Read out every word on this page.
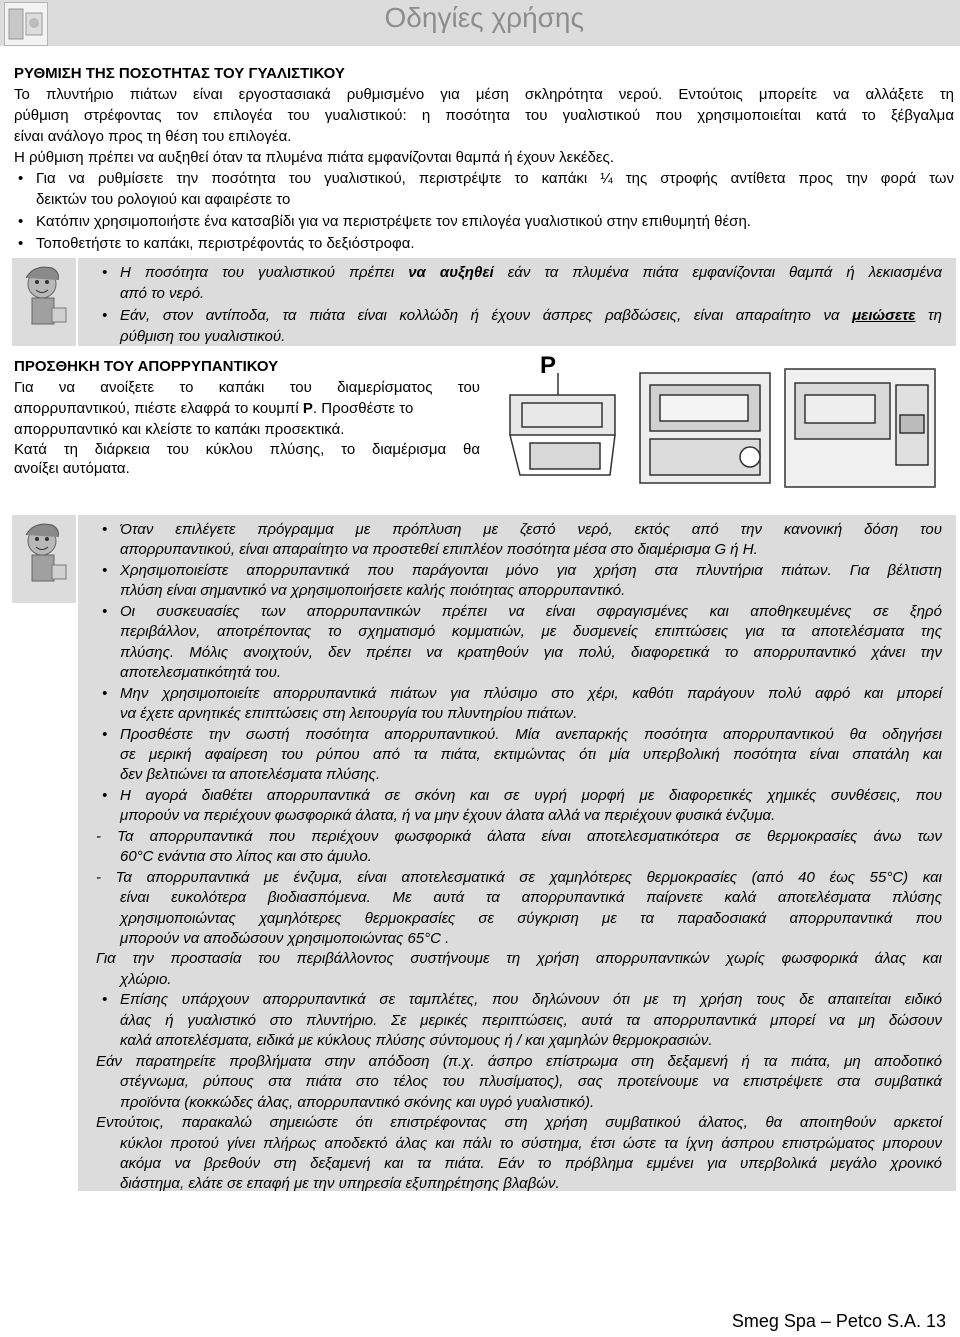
Οδηγίες χρήσης
ΡΥΘΜΙΣΗ ΤΗΣ ΠΟΣΟΤΗΤΑΣ ΤΟΥ ΓΥΑΛΙΣΤΙΚΟΥ
Το πλυντήριο πιάτων είναι εργοστασιακά ρυθμισμένο για μέση σκληρότητα νερού. Εντούτοις μπορείτε να αλλάξετε τη
ρύθμιση στρέφοντας τον επιλογέα του γυαλιστικού: η ποσότητα του γυαλιστικού που χρησιμοποιείται κατά το ξέβγαλμα
είναι ανάλογο προς τη θέση του επιλογέα.
Η ρύθμιση πρέπει να αυξηθεί όταν τα πλυμένα πιάτα εμφανίζονται θαμπά ή έχουν λεκέδες.
• Για να ρυθμίσετε την ποσότητα του γυαλιστικού, περιστρέψτε το καπάκι ¼ της στροφής αντίθετα προς την φορά των
δεικτών του ρολογιού και αφαιρέστε το
• Κατόπιν χρησιμοποιήστε ένα κατσαβίδι για να περιστρέψετε τον επιλογέα γυαλιστικού στην επιθυμητή θέση.
• Τοποθετήστε το καπάκι, περιστρέφοντάς το δεξιόστροφα.
• Η ποσότητα του γυαλιστικού πρέπει να αυξηθεί εάν τα πλυμένα πιάτα εμφανίζονται θαμπά ή λεκιασμένα
από το νερό.
• Εάν, στον αντίποδα, τα πιάτα είναι κολλώδη ή έχουν άσπρες ραβδώσεις, είναι απαραίτητο να μειώσετε τη
ρύθμιση του γυαλιστικού.
ΠΡΟΣΘΗΚΗ ΤΟΥ ΑΠΟΡΡΥΠΑΝΤΙΚΟΥ
Για να ανοίξετε το καπάκι του διαμερίσματος του
απορρυπαντικού, πιέστε ελαφρά το κουμπί P. Προσθέστε το
απορρυπαντικό και κλείστε το καπάκι προσεκτικά.
Κατά τη διάρκεια του κύκλου πλύσης, το διαμέρισμα θα
ανοίξει αυτόματα.
P
• Όταν επιλέγετε πρόγραμμα με πρόπλυση με ζεστό νερό, εκτός από την κανονική δόση του
απορρυπαντικού, είναι απαραίτητο να προστεθεί επιπλέον ποσότητα μέσα στο διαμέρισμα G ή H.
• Χρησιμοποιείστε απορρυπαντικά που παράγονται μόνο για χρήση στα πλυντήρια πιάτων. Για βέλτιστη
πλύση είναι σημαντικό να χρησιμοποιήσετε καλής ποιότητας απορρυπαντικό.
• Οι συσκευασίες των απορρυπαντικών πρέπει να είναι σφραγισμένες και αποθηκευμένες σε ξηρό
περιβάλλον, αποτρέποντας το σχηματισμό κομματιών, με δυσμενείς επιπτώσεις για τα αποτελέσματα της
πλύσης. Μόλις ανοιχτούν, δεν πρέπει να κρατηθούν για πολύ, διαφορετικά το απορρυπαντικό χάνει την
αποτελεσματικότητά του.
• Μην χρησιμοποιείτε απορρυπαντικά πιάτων για πλύσιμο στο χέρι, καθότι παράγουν πολύ αφρό και μπορεί
να έχετε αρνητικές επιπτώσεις στη λειτουργία του πλυντηρίου πιάτων.
• Προσθέστε την σωστή ποσότητα απορρυπαντικού. Μία ανεπαρκής ποσότητα απορρυπαντικού θα οδηγήσει
σε μερική αφαίρεση του ρύπου από τα πιάτα, εκτιμώντας ότι μία υπερβολική ποσότητα είναι σπατάλη και
δεν βελτιώνει τα αποτελέσματα πλύσης.
• Η αγορά διαθέτει απορρυπαντικά σε σκόνη και σε υγρή μορφή με διαφορετικές χημικές συνθέσεις, που
μπορούν να περιέχουν φωσφορικά άλατα, ή να μην έχουν άλατα αλλά να περιέχουν φυσικά ένζυμα.
- Τα απορρυπαντικά που περιέχουν φωσφορικά άλατα είναι αποτελεσματικότερα σε θερμοκρασίες άνω των
60°C ενάντια στο λίπος και στο άμυλο.
- Τα απορρυπαντικά με ένζυμα, είναι αποτελεσματικά σε χαμηλότερες θερμοκρασίες (από 40 έως 55°C) και
είναι ευκολότερα βιοδιασπόμενα. Με αυτά τα απορρυπαντικά παίρνετε καλά αποτελέσματα πλύσης
χρησιμοποιώντας χαμηλότερες θερμοκρασίες σε σύγκριση με τα παραδοσιακά απορρυπαντικά που
μπορούν να αποδώσουν χρησιμοποιώντας 65°C .
Για την προστασία του περιβάλλοντος συστήνουμε τη χρήση απορρυπαντικών χωρίς φωσφορικά άλας και
χλώριο.
• Επίσης υπάρχουν απορρυπαντικά σε ταμπλέτες, που δηλώνουν ότι με τη χρήση τους δε απαιτείται ειδικό
άλας ή γυαλιστικό στο πλυντήριο. Σε μερικές περιπτώσεις, αυτά τα απορρυπαντικά μπορεί να μη δώσουν
καλά αποτελέσματα, ειδικά με κύκλους πλύσης σύντομους ή / και χαμηλών θερμοκρασιών.
Εάν παρατηρείτε προβλήματα στην απόδοση (π.χ. άσπρο επίστρωμα στη δεξαμενή ή τα πιάτα, μη αποδοτικό
στέγνωμα, ρύπους στα πιάτα στο τέλος του πλυσίματος), σας προτείνουμε να επιστρέψετε στα συμβατικά
προϊόντα (κοκκώδες άλας, απορρυπαντικό σκόνης και υγρό γυαλιστικό).
Εντούτοις, παρακαλώ σημειώστε ότι επιστρέφοντας στη χρήση συμβατικού άλατος, θα αποιτηθούν αρκετοί
κύκλοι προτού γίνει πλήρως αποδεκτό άλας και πάλι το σύστημα, έτσι ώστε τα ίχνη άσπρου επιστρώματος μπορουν
ακόμα να βρεθούν στη δεξαμενή και τα πιάτα. Εάν το πρόβλημα εμμένει για υπερβολικά μεγάλο χρονικό
διάστημα, ελάτε σε επαφή με την υπηρεσία εξυπηρέτησης βλαβών.
Smeg Spa – Petco S.A. 13
